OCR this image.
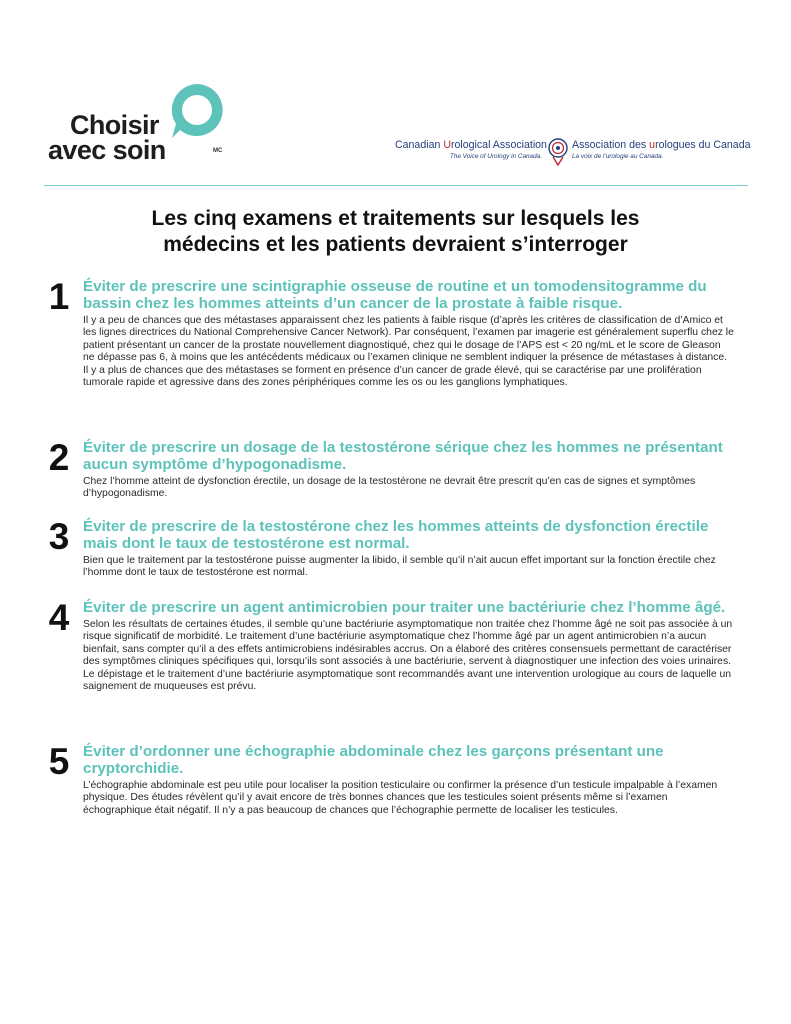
Choisir
avec soin	MC	Canadian Urological Association
The Voice of Urology in Canada.
Association des urologues du Canada
La voix de l’urologie au Canada.
Les cinq examens et traitements sur lesquels les
médecins et les patients devraient s’interroger
1 Éviter de prescrire une scintigraphie osseuse de routine et un tomodensitogramme du bassin chez les hommes atteints d’un cancer de la prostate à faible risque.
Il y a peu de chances que des métastases apparaissent chez les patients à faible risque (d’après les critères de classification de d’Amico et les lignes directrices du National Comprehensive Cancer Network). Par conséquent, l’examen par imagerie est généralement superflu chez le patient présentant un cancer de la prostate nouvellement diagnostiqué, chez qui le dosage de l’APS est < 20 ng/mL et le score de Gleason ne dépasse pas 6, à moins que les antécédents médicaux ou l’examen clinique ne semblent indiquer la présence de métastases à distance. Il y a plus de chances que des métastases se forment en présence d’un cancer de grade élevé, qui se caractérise par une prolifération tumorale rapide et agressive dans des zones périphériques comme les os ou les ganglions lymphatiques.
2 Éviter de prescrire un dosage de la testostérone sérique chez les hommes ne présentant aucun symptôme d’hypogonadisme.
Chez l’homme atteint de dysfonction érectile, un dosage de la testostérone ne devrait être prescrit qu’en cas de signes et symptômes d’hypogonadisme.
3 Éviter de prescrire de la testostérone chez les hommes atteints de dysfonction érectile mais dont le taux de testostérone est normal.
Bien que le traitement par la testostérone puisse augmenter la libido, il semble qu’il n’ait aucun effet important sur la fonction érectile chez l’homme dont le taux de testostérone est normal.
4 Éviter de prescrire un agent antimicrobien pour traiter une bactériurie chez l’homme âgé.
Selon les résultats de certaines études, il semble qu’une bactériurie asymptomatique non traitée chez l’homme âgé ne soit pas associée à un risque significatif de morbidité. Le traitement d’une bactériurie asymptomatique chez l’homme âgé par un agent antimicrobien n’a aucun bienfait, sans compter qu’il a des effets antimicrobiens indésirables accrus. On a élaboré des critères consensuels permettant de caractériser des symptômes cliniques spécifiques qui, lorsqu’ils sont associés à une bactériurie, servent à diagnostiquer une infection des voies urinaires. Le dépistage et le traitement d’une bactériurie asymptomatique sont recommandés avant une intervention urologique au cours de laquelle un saignement de muqueuses est prévu.
5 Éviter d’ordonner une échographie abdominale chez les garçons présentant une cryptorchidie.
L’échographie abdominale est peu utile pour localiser la position testiculaire ou confirmer la présence d’un testicule impalpable à l’examen physique. Des études révèlent qu’il y avait encore de très bonnes chances que les testicules soient présents même si l’examen échographique était négatif. Il n’y a pas beaucoup de chances que l’échographie permette de localiser les testicules.
